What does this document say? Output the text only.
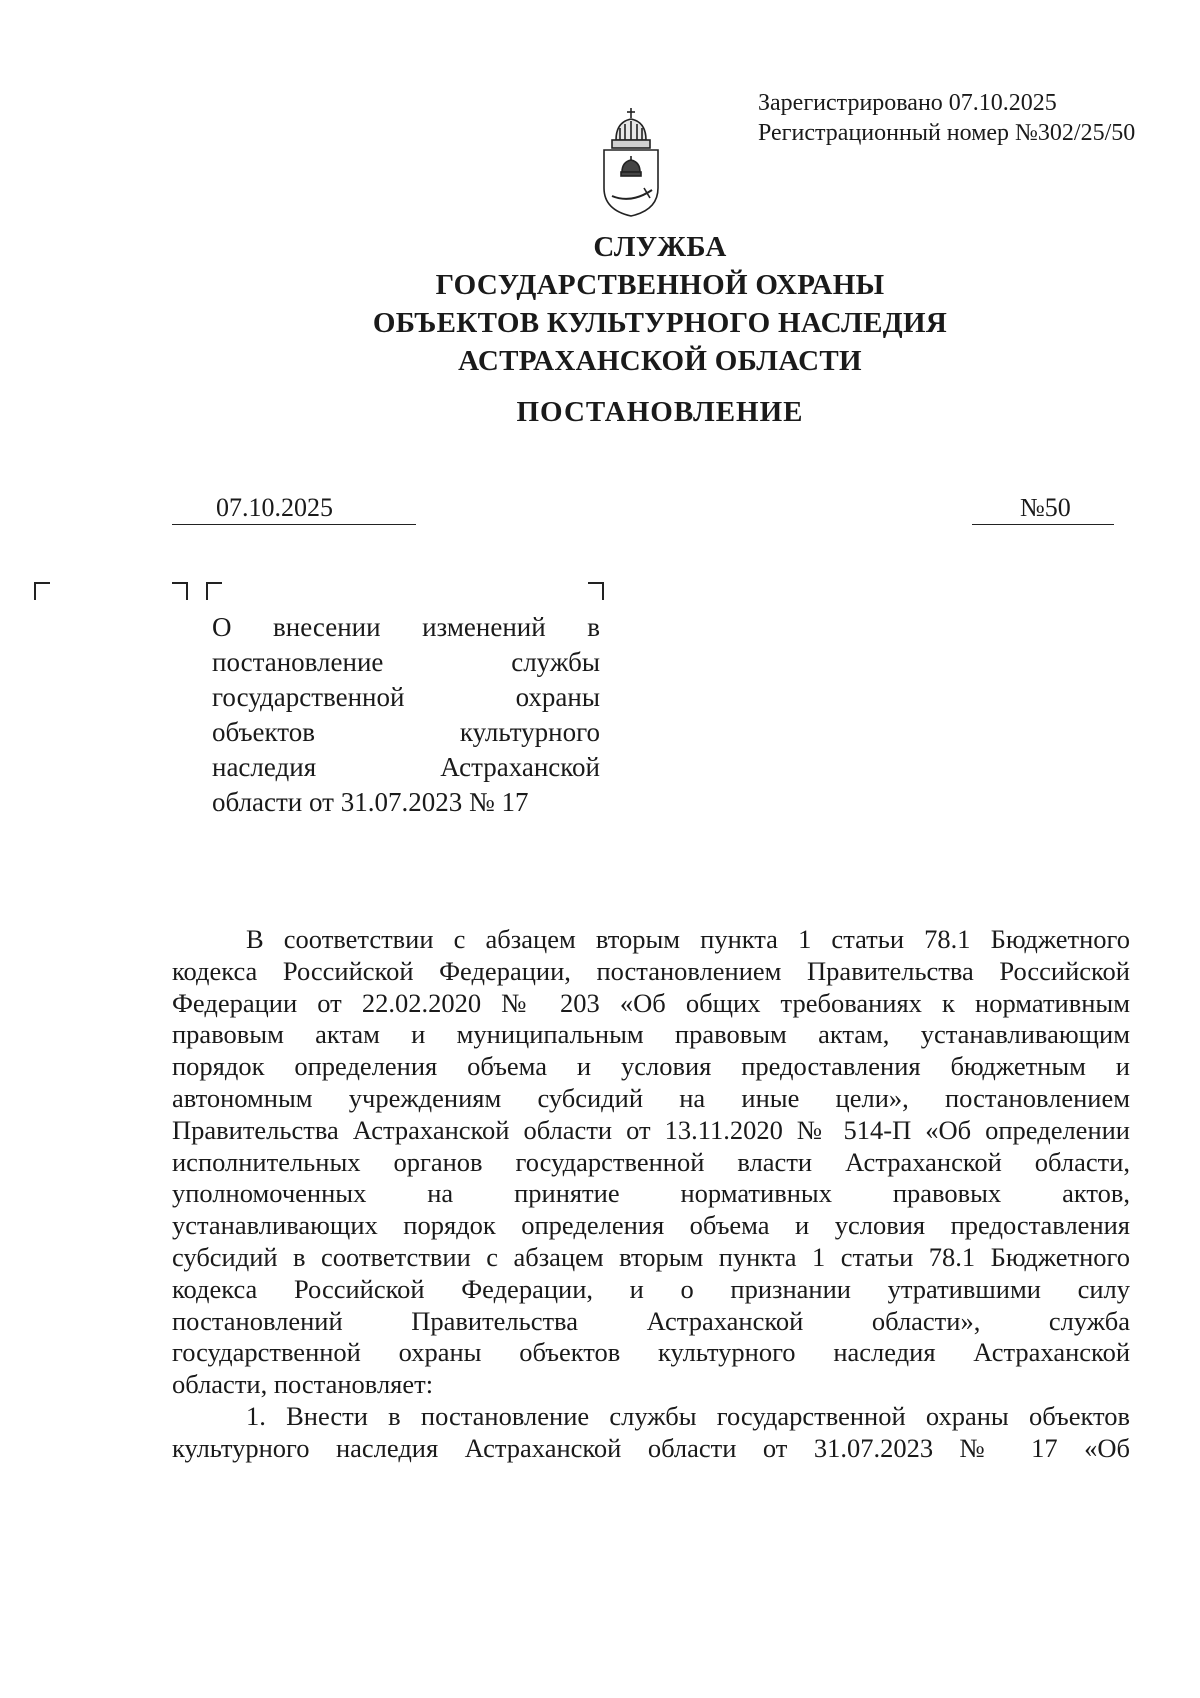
Зарегистрировано 07.10.2025
Регистрационный номер №302/25/50
СЛУЖБА
ГОСУДАРСТВЕННОЙ ОХРАНЫ
ОБЪЕКТОВ КУЛЬТУРНОГО НАСЛЕДИЯ
АСТРАХАНСКОЙ ОБЛАСТИ
ПОСТАНОВЛЕНИЕ
07.10.2025	№50
О внесении изменений в
постановление службы
государственной охраны
объектов культурного
наследия Астраханской
области от 31.07.2023 № 17

В соответствии с абзацем вторым пункта 1 статьи 78.1 Бюджетного

кодекса Российской Федерации, постановлением Правительства Российской

Федерации от 22.02.2020 № 203 «Об общих требованиях к нормативным

правовым актам и муниципальным правовым актам, устанавливающим

порядок определения объема и условия предоставления бюджетным и

автономным учреждениям субсидий на иные цели», постановлением

Правительства Астраханской области от 13.11.2020 № 514-П «Об определении

исполнительных органов государственной власти Астраханской области,

уполномоченных на принятие нормативных правовых актов,

устанавливающих порядок определения объема и условия предоставления

субсидий в соответствии с абзацем вторым пункта 1 статьи 78.1 Бюджетного

кодекса Российской Федерации, и о признании утратившими силу

постановлений Правительства Астраханской области», служба

государственной охраны объектов культурного наследия Астраханской

области, постановляет:

1. Внести в постановление службы государственной охраны объектов

культурного наследия Астраханской области от 31.07.2023 № 17 «Об
